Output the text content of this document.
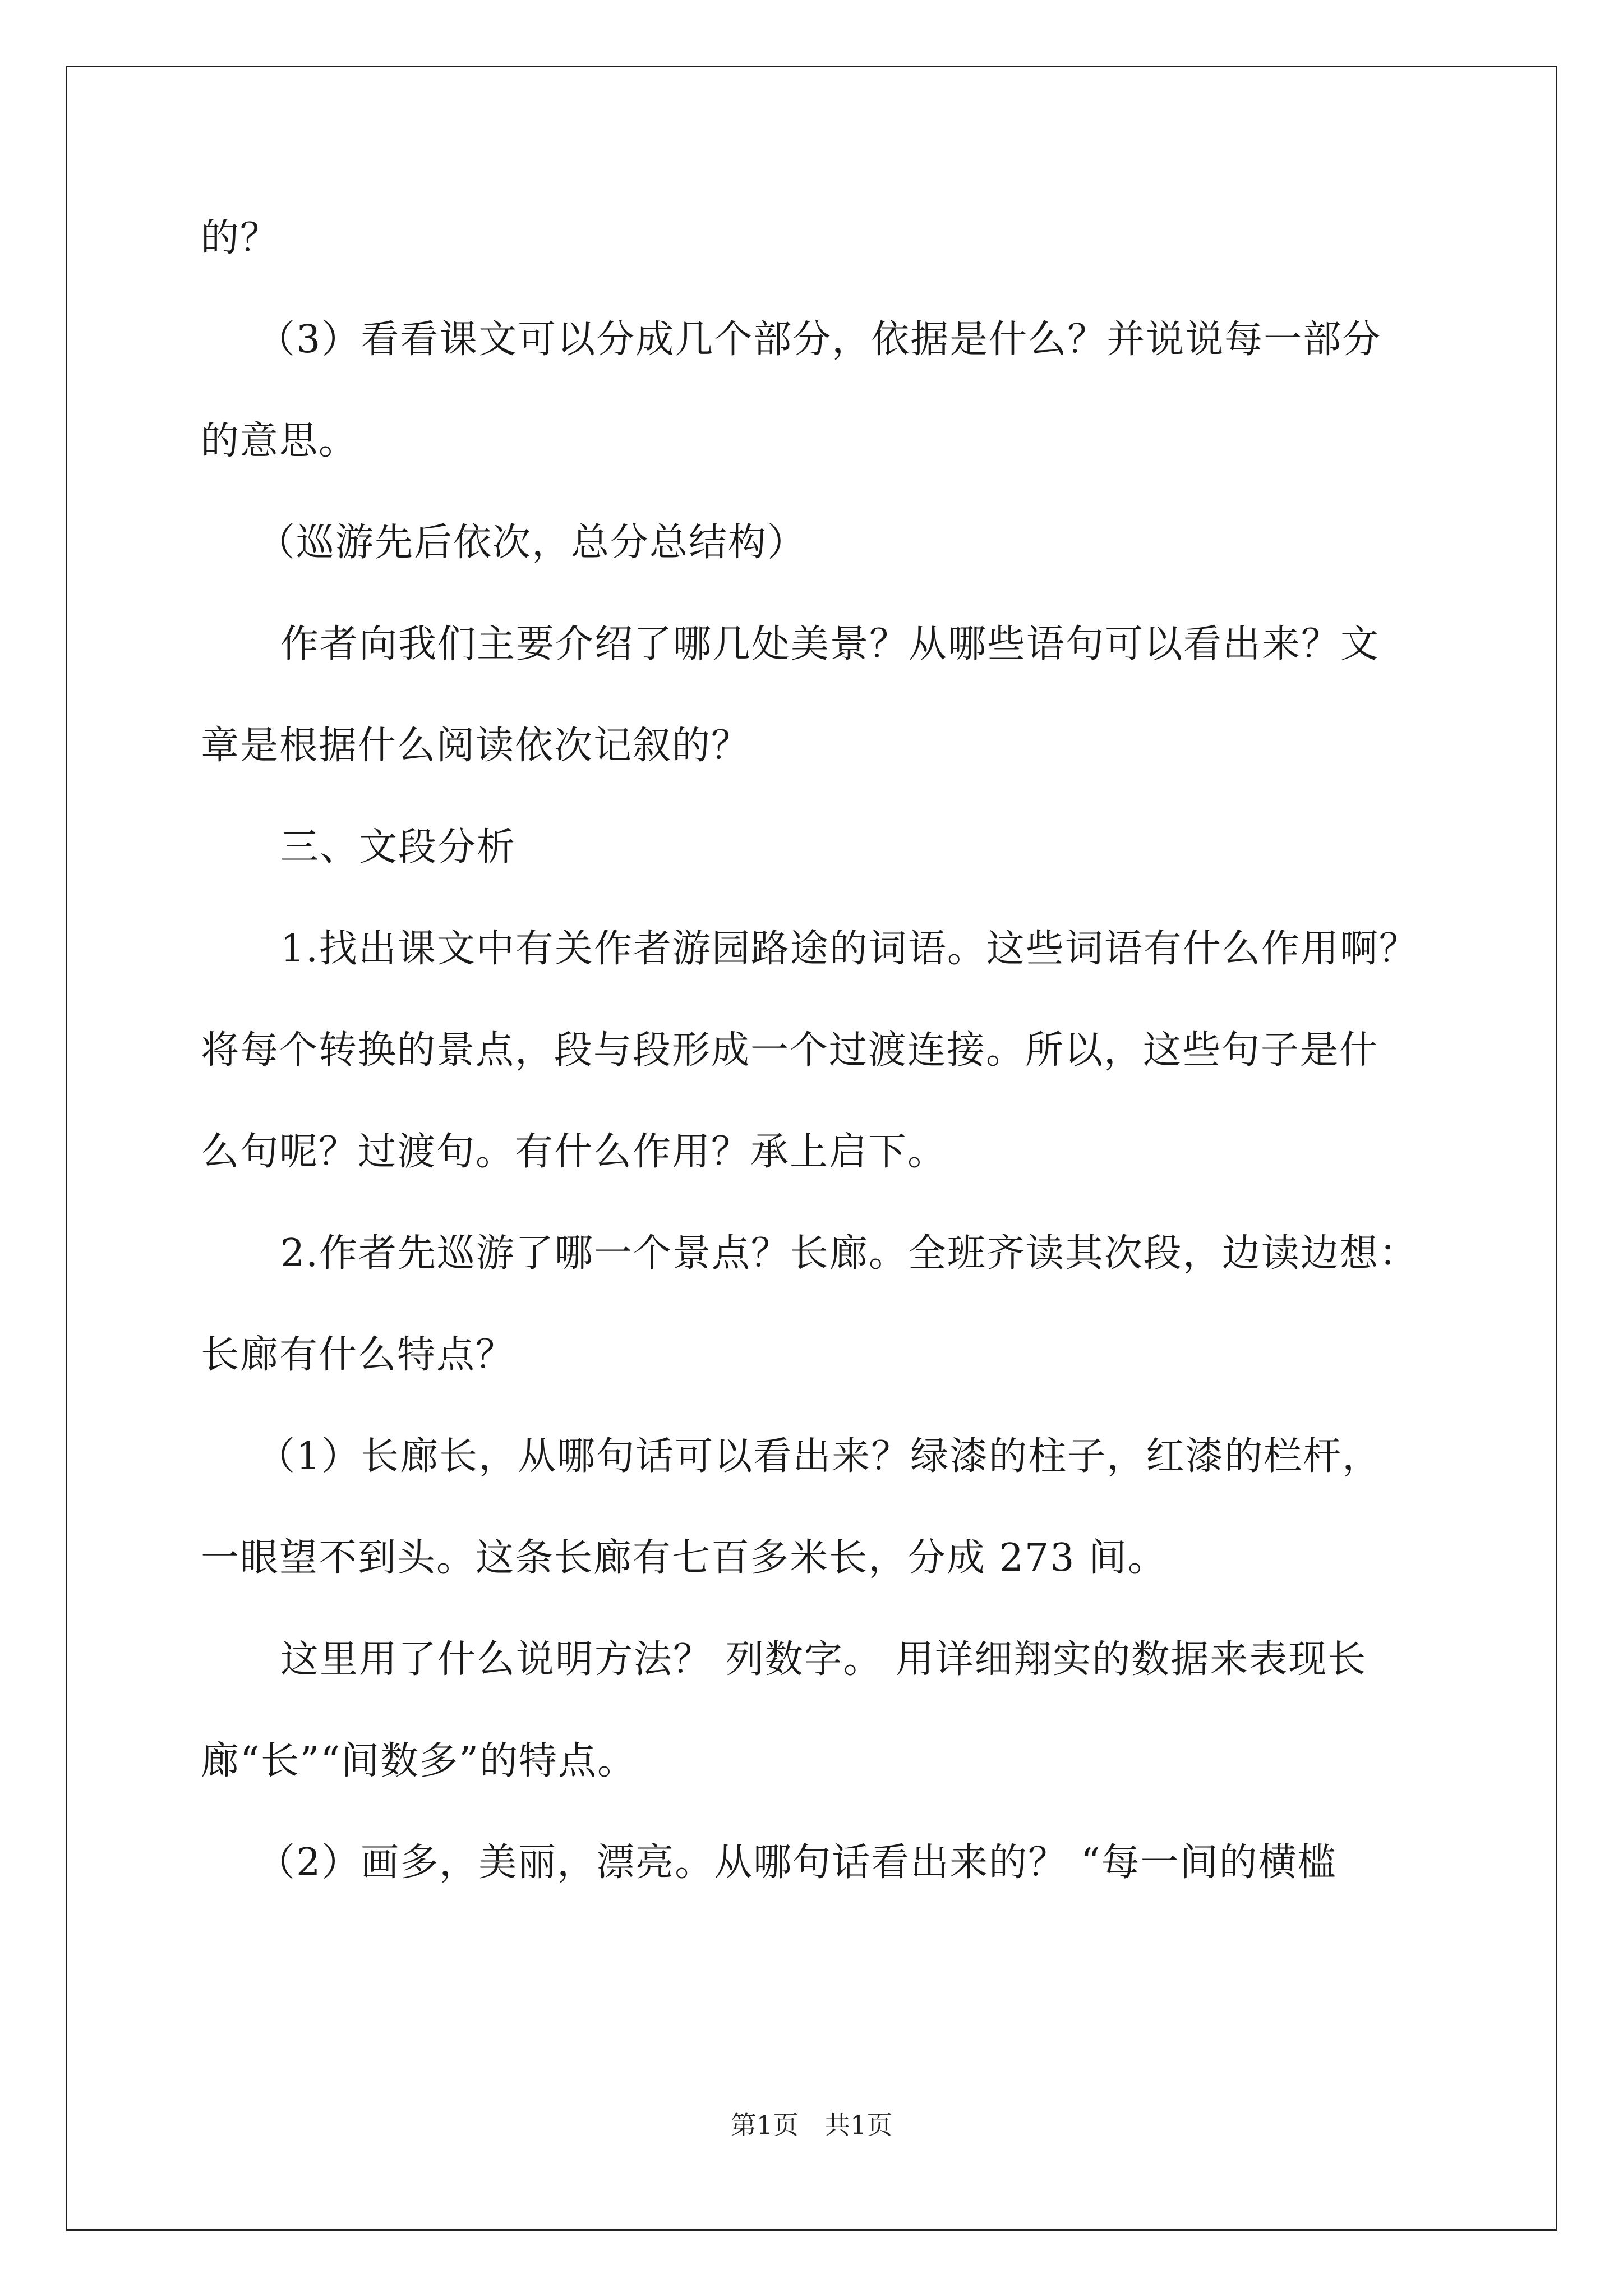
的？
（3）看看课文可以分成几个部分，依据是什么？并说说每一部分
的意思。
（巡游先后依次，总分总结构）
作者向我们主要介绍了哪几处美景？从哪些语句可以看出来？文
章是根据什么阅读依次记叙的？
三、文段分析
1.找出课文中有关作者游园路途的词语。这些词语有什么作用啊？
将每个转换的景点，段与段形成一个过渡连接。所以，这些句子是什
么句呢？过渡句。有什么作用？承上启下。
2.作者先巡游了哪一个景点？长廊。全班齐读其次段，边读边想：
长廊有什么特点？
（1）长廊长，从哪句话可以看出来？绿漆的柱子，红漆的栏杆，
一眼望不到头。这条长廊有七百多米长，分成 273 间。
这里用了什么说明方法？ 列数字。 用详细翔实的数据来表现长
廊“长”“间数多”的特点。
（2）画多，美丽，漂亮。从哪句话看出来的？ “每一间的横槛
第1页　共1页
